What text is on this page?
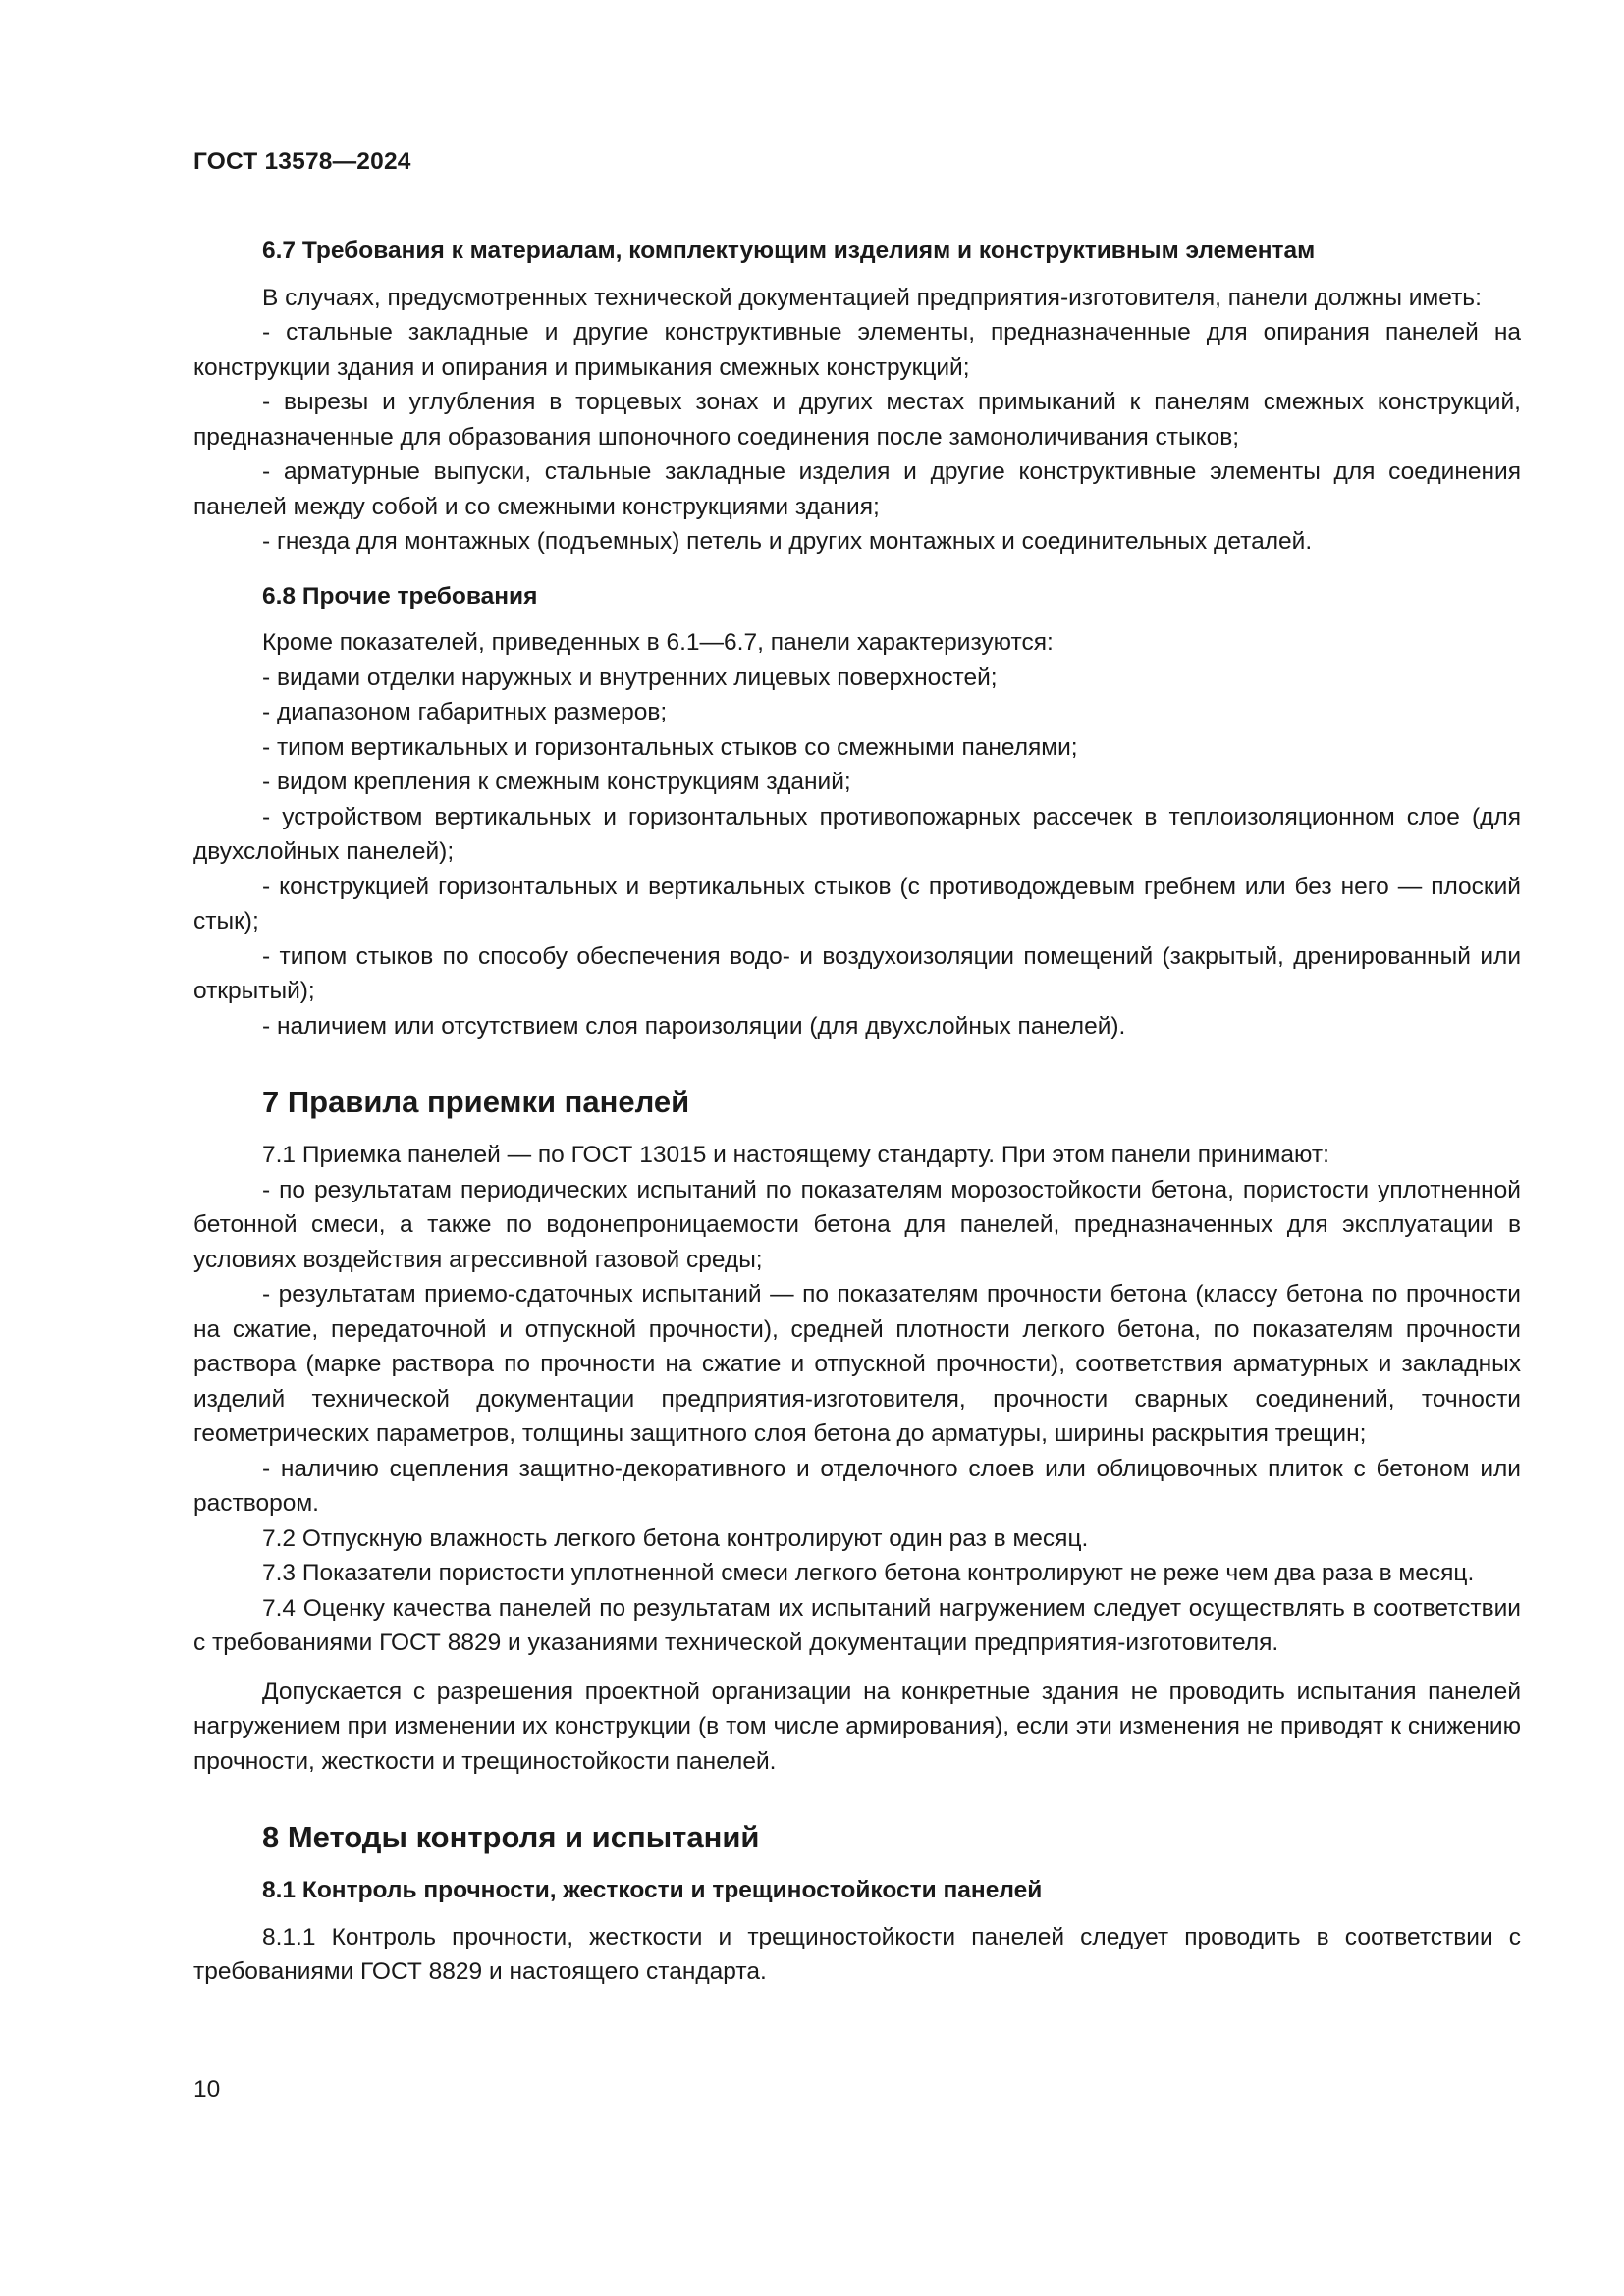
ГОСТ 13578—2024
6.7 Требования к материалам, комплектующим изделиям и конструктивным элементам

В случаях, предусмотренных технической документацией предприятия-изготовителя, панели должны иметь:

- стальные закладные и другие конструктивные элементы, предназначенные для опирания панелей на конструкции здания и опирания и примыкания смежных конструкций;

- вырезы и углубления в торцевых зонах и других местах примыканий к панелям смежных конструкций, предназначенные для образования шпоночного соединения после замоноличивания стыков;

- арматурные выпуски, стальные закладные изделия и другие конструктивные элементы для соединения панелей между собой и со смежными конструкциями здания;

- гнезда для монтажных (подъемных) петель и других монтажных и соединительных деталей.

6.8 Прочие требования

Кроме показателей, приведенных в 6.1—6.7, панели характеризуются:

- видами отделки наружных и внутренних лицевых поверхностей;

- диапазоном габаритных размеров;

- типом вертикальных и горизонтальных стыков со смежными панелями;

- видом крепления к смежным конструкциям зданий;

- устройством вертикальных и горизонтальных противопожарных рассечек в теплоизоляционном слое (для двухслойных панелей);

- конструкцией горизонтальных и вертикальных стыков (с противодождевым гребнем или без него — плоский стык);

- типом стыков по способу обеспечения водо- и воздухоизоляции помещений (закрытый, дренированный или открытый);

- наличием или отсутствием слоя пароизоляции (для двухслойных панелей).

7 Правила приемки панелей

7.1 Приемка панелей — по ГОСТ 13015 и настоящему стандарту. При этом панели принимают:

- по результатам периодических испытаний по показателям морозостойкости бетона, пористости уплотненной бетонной смеси, а также по водонепроницаемости бетона для панелей, предназначенных для эксплуатации в условиях воздействия агрессивной газовой среды;

- результатам приемо-сдаточных испытаний — по показателям прочности бетона (классу бетона по прочности на сжатие, передаточной и отпускной прочности), средней плотности легкого бетона, по показателям прочности раствора (марке раствора по прочности на сжатие и отпускной прочности), соответствия арматурных и закладных изделий технической документации предприятия-изготовителя, прочности сварных соединений, точности геометрических параметров, толщины защитного слоя бетона до арматуры, ширины раскрытия трещин;

- наличию сцепления защитно-декоративного и отделочного слоев или облицовочных плиток с бетоном или раствором.

7.2 Отпускную влажность легкого бетона контролируют один раз в месяц.

7.3 Показатели пористости уплотненной смеси легкого бетона контролируют не реже чем два раза в месяц.

7.4 Оценку качества панелей по результатам их испытаний нагружением следует осуществлять в соответствии с требованиями ГОСТ 8829 и указаниями технической документации предприятия-изготовителя.

Допускается с разрешения проектной организации на конкретные здания не проводить испытания панелей нагружением при изменении их конструкции (в том числе армирования), если эти изменения не приводят к снижению прочности, жесткости и трещиностойкости панелей.

8 Методы контроля и испытаний
8.1 Контроль прочности, жесткости и трещиностойкости панелей

8.1.1 Контроль прочности, жесткости и трещиностойкости панелей следует проводить в соответствии с требованиями ГОСТ 8829 и настоящего стандарта.

10
